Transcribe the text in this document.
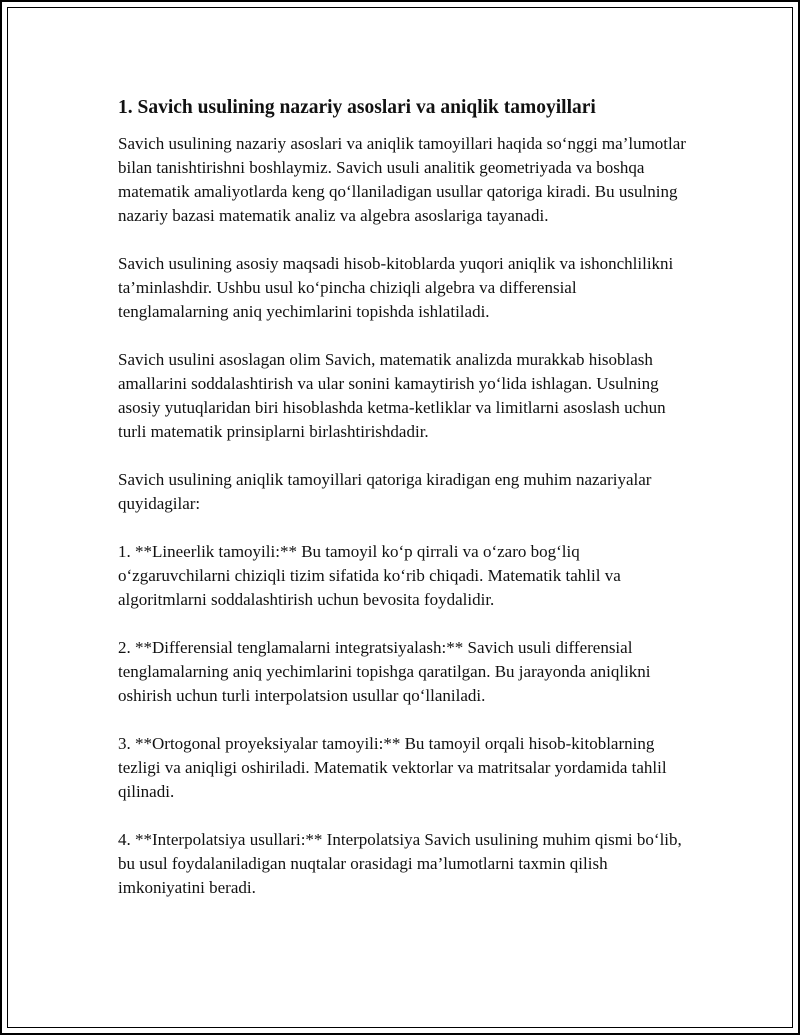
1. Savich usulining nazariy asoslari va aniqlik tamoyillari

Savich usulining nazariy asoslari va aniqlik tamoyillari haqida so‘nggi ma’lumotlar bilan tanishtirishni boshlaymiz. Savich usuli analitik geometriyada va boshqa matematik amaliyotlarda keng qo‘llaniladigan usullar qatoriga kiradi. Bu usulning nazariy bazasi matematik analiz va algebra asoslariga tayanadi.

Savich usulining asosiy maqsadi hisob-kitoblarda yuqori aniqlik va ishonchlilikni ta’minlashdir. Ushbu usul ko‘pincha chiziqli algebra va differensial tenglamalarning aniq yechimlarini topishda ishlatiladi.

Savich usulini asoslagan olim Savich, matematik analizda murakkab hisoblash amallarini soddalashtirish va ular sonini kamaytirish yo‘lida ishlagan. Usulning asosiy yutuqlaridan biri hisoblashda ketma-ketliklar va limitlarni asoslash uchun turli matematik prinsiplarni birlashtirishdadir.

Savich usulining aniqlik tamoyillari qatoriga kiradigan eng muhim nazariyalar quyidagilar:

1. **Lineerlik tamoyili:** Bu tamoyil ko‘p qirrali va o‘zaro bog‘liq o‘zgaruvchilarni chiziqli tizim sifatida ko‘rib chiqadi. Matematik tahlil va algoritmlarni soddalashtirish uchun bevosita foydalidir.

2. **Differensial tenglamalarni integratsiyalash:** Savich usuli differensial tenglamalarning aniq yechimlarini topishga qaratilgan. Bu jarayonda aniqlikni oshirish uchun turli interpolatsion usullar qo‘llaniladi.

3. **Ortogonal proyeksiyalar tamoyili:** Bu tamoyil orqali hisob-kitoblarning tezligi va aniqligi oshiriladi. Matematik vektorlar va matritsalar yordamida tahlil qilinadi.

4. **Interpolatsiya usullari:** Interpolatsiya Savich usulining muhim qismi bo‘lib, bu usul foydalaniladigan nuqtalar orasidagi ma’lumotlarni taxmin qilish imkoniyatini beradi.
